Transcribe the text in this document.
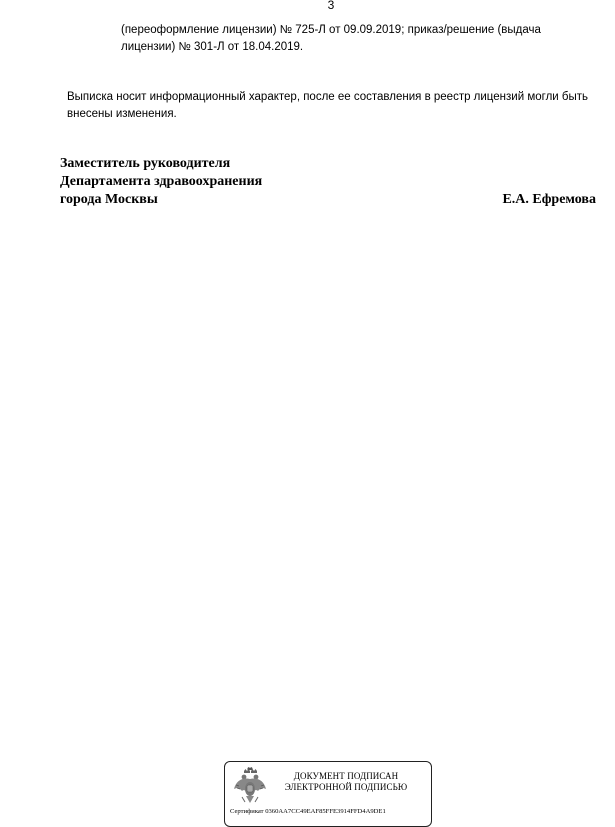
3
(переоформление лицензии) № 725-Л от 09.09.2019; приказ/решение (выдача
лицензии) № 301-Л от 18.04.2019.
Выписка носит информационный характер, после ее составления в реестр лицензий могли быть
внесены изменения.
Заместитель руководителя
Департамента здравоохранения
города Москвы	Е.А. Ефремова
ДОКУМЕНТ ПОДПИСАН
ЭЛЕКТРОННОЙ ПОДПИСЬЮ
Сертификат 0360AA7CC49EAF85FFE3914FFD4A9DE1
